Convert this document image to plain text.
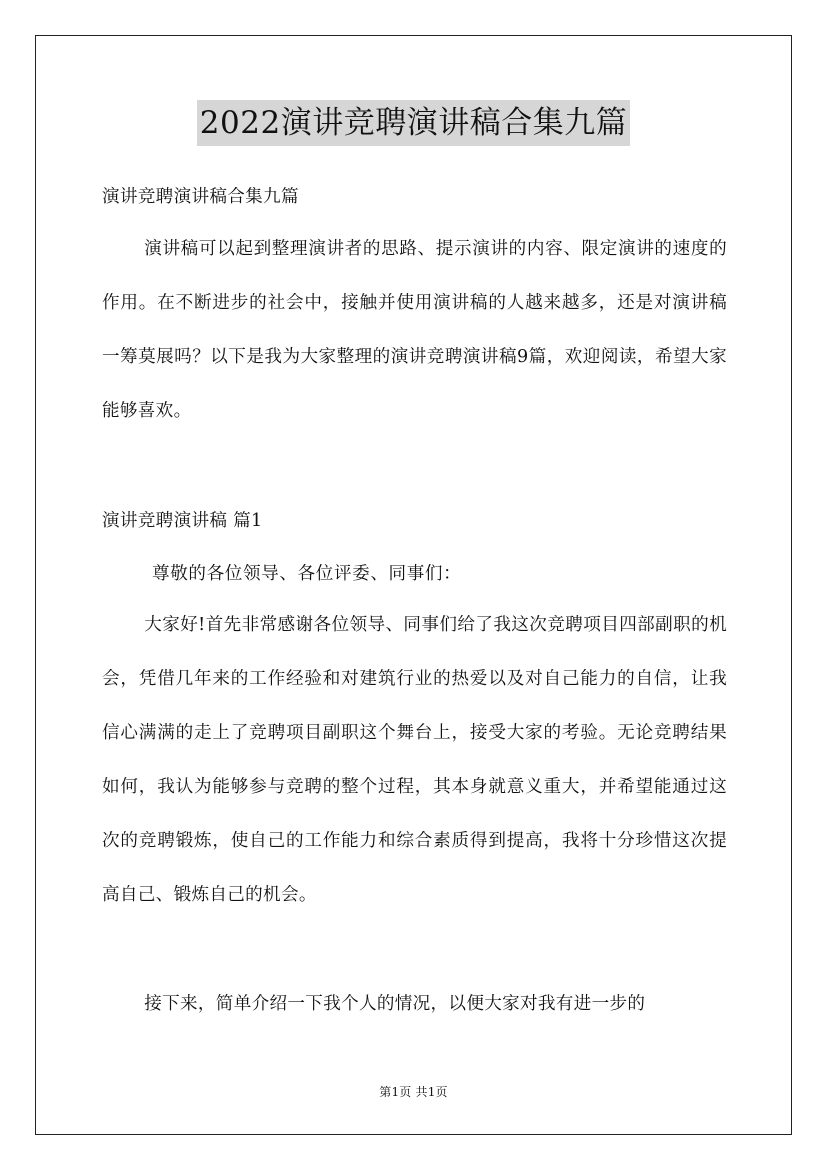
2022演讲竞聘演讲稿合集九篇
演讲竞聘演讲稿合集九篇
演讲稿可以起到整理演讲者的思路、提示演讲的内容、限定演讲的速度的作用。在不断进步的社会中，接触并使用演讲稿的人越来越多，还是对演讲稿一筹莫展吗？以下是我为大家整理的演讲竞聘演讲稿9篇，欢迎阅读，希望大家能够喜欢。
演讲竞聘演讲稿 篇1
尊敬的各位领导、各位评委、同事们：
大家好!首先非常感谢各位领导、同事们给了我这次竞聘项目四部副职的机会，凭借几年来的工作经验和对建筑行业的热爱以及对自己能力的自信，让我信心满满的走上了竞聘项目副职这个舞台上，接受大家的考验。无论竞聘结果如何，我认为能够参与竞聘的整个过程，其本身就意义重大，并希望能通过这次的竞聘锻炼，使自己的工作能力和综合素质得到提高，我将十分珍惜这次提高自己、锻炼自己的机会。
接下来，简单介绍一下我个人的情况，以便大家对我有进一步的
第1页 共1页
